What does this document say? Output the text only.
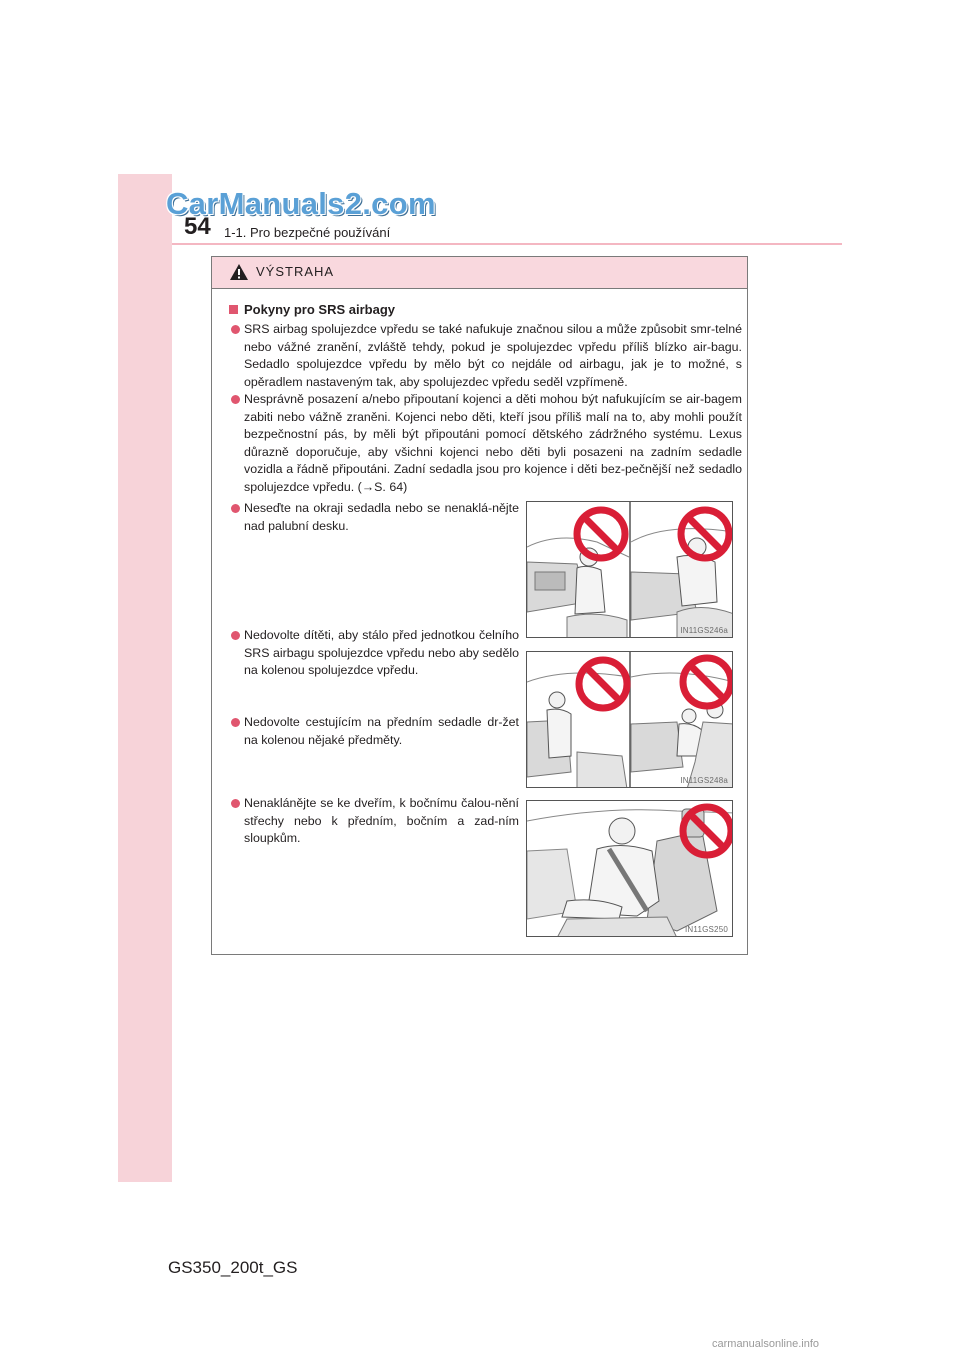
CarManuals2.com
54 1-1. Pro bezpečné používání
VÝSTRAHA
Pokyny pro SRS airbagy
SRS airbag spolujezdce vpředu se také nafukuje značnou silou a může způsobit smr-telné nebo vážné zranění, zvláště tehdy, pokud je spolujezdec vpředu příliš blízko air-bagu. Sedadlo spolujezdce vpředu by mělo být co nejdále od airbagu, jak je to možné, s opěradlem nastaveným tak, aby spolujezdec vpředu seděl vzpřímeně.
Nesprávně posazení a/nebo připoutaní kojenci a děti mohou být nafukujícím se air-bagem zabiti nebo vážně zraněni. Kojenci nebo děti, kteří jsou příliš malí na to, aby mohli použít bezpečnostní pás, by měli být připoutáni pomocí dětského zádržného systému. Lexus důrazně doporučuje, aby všichni kojenci nebo děti byli posazeni na zadním sedadle vozidla a řádně připoutáni. Zadní sedadla jsou pro kojence i děti bez-pečnější než sedadlo spolujezdce vpředu. (→S. 64)
Neseďte na okraji sedadla nebo se nenaklá-nějte nad palubní desku.
Nedovolte dítěti, aby stálo před jednotkou čelního SRS airbagu spolujezdce vpředu nebo aby sedělo na kolenou spolujezdce vpředu.
Nedovolte cestujícím na předním sedadle dr-žet na kolenou nějaké předměty.
Nenaklánějte se ke dveřím, k bočnímu čalou-nění střechy nebo k předním, bočním a zad-ním sloupkům.
IN11GS246a
IN11GS248a
IN11GS250
GS350_200t_GS
carmanualsonline.info
